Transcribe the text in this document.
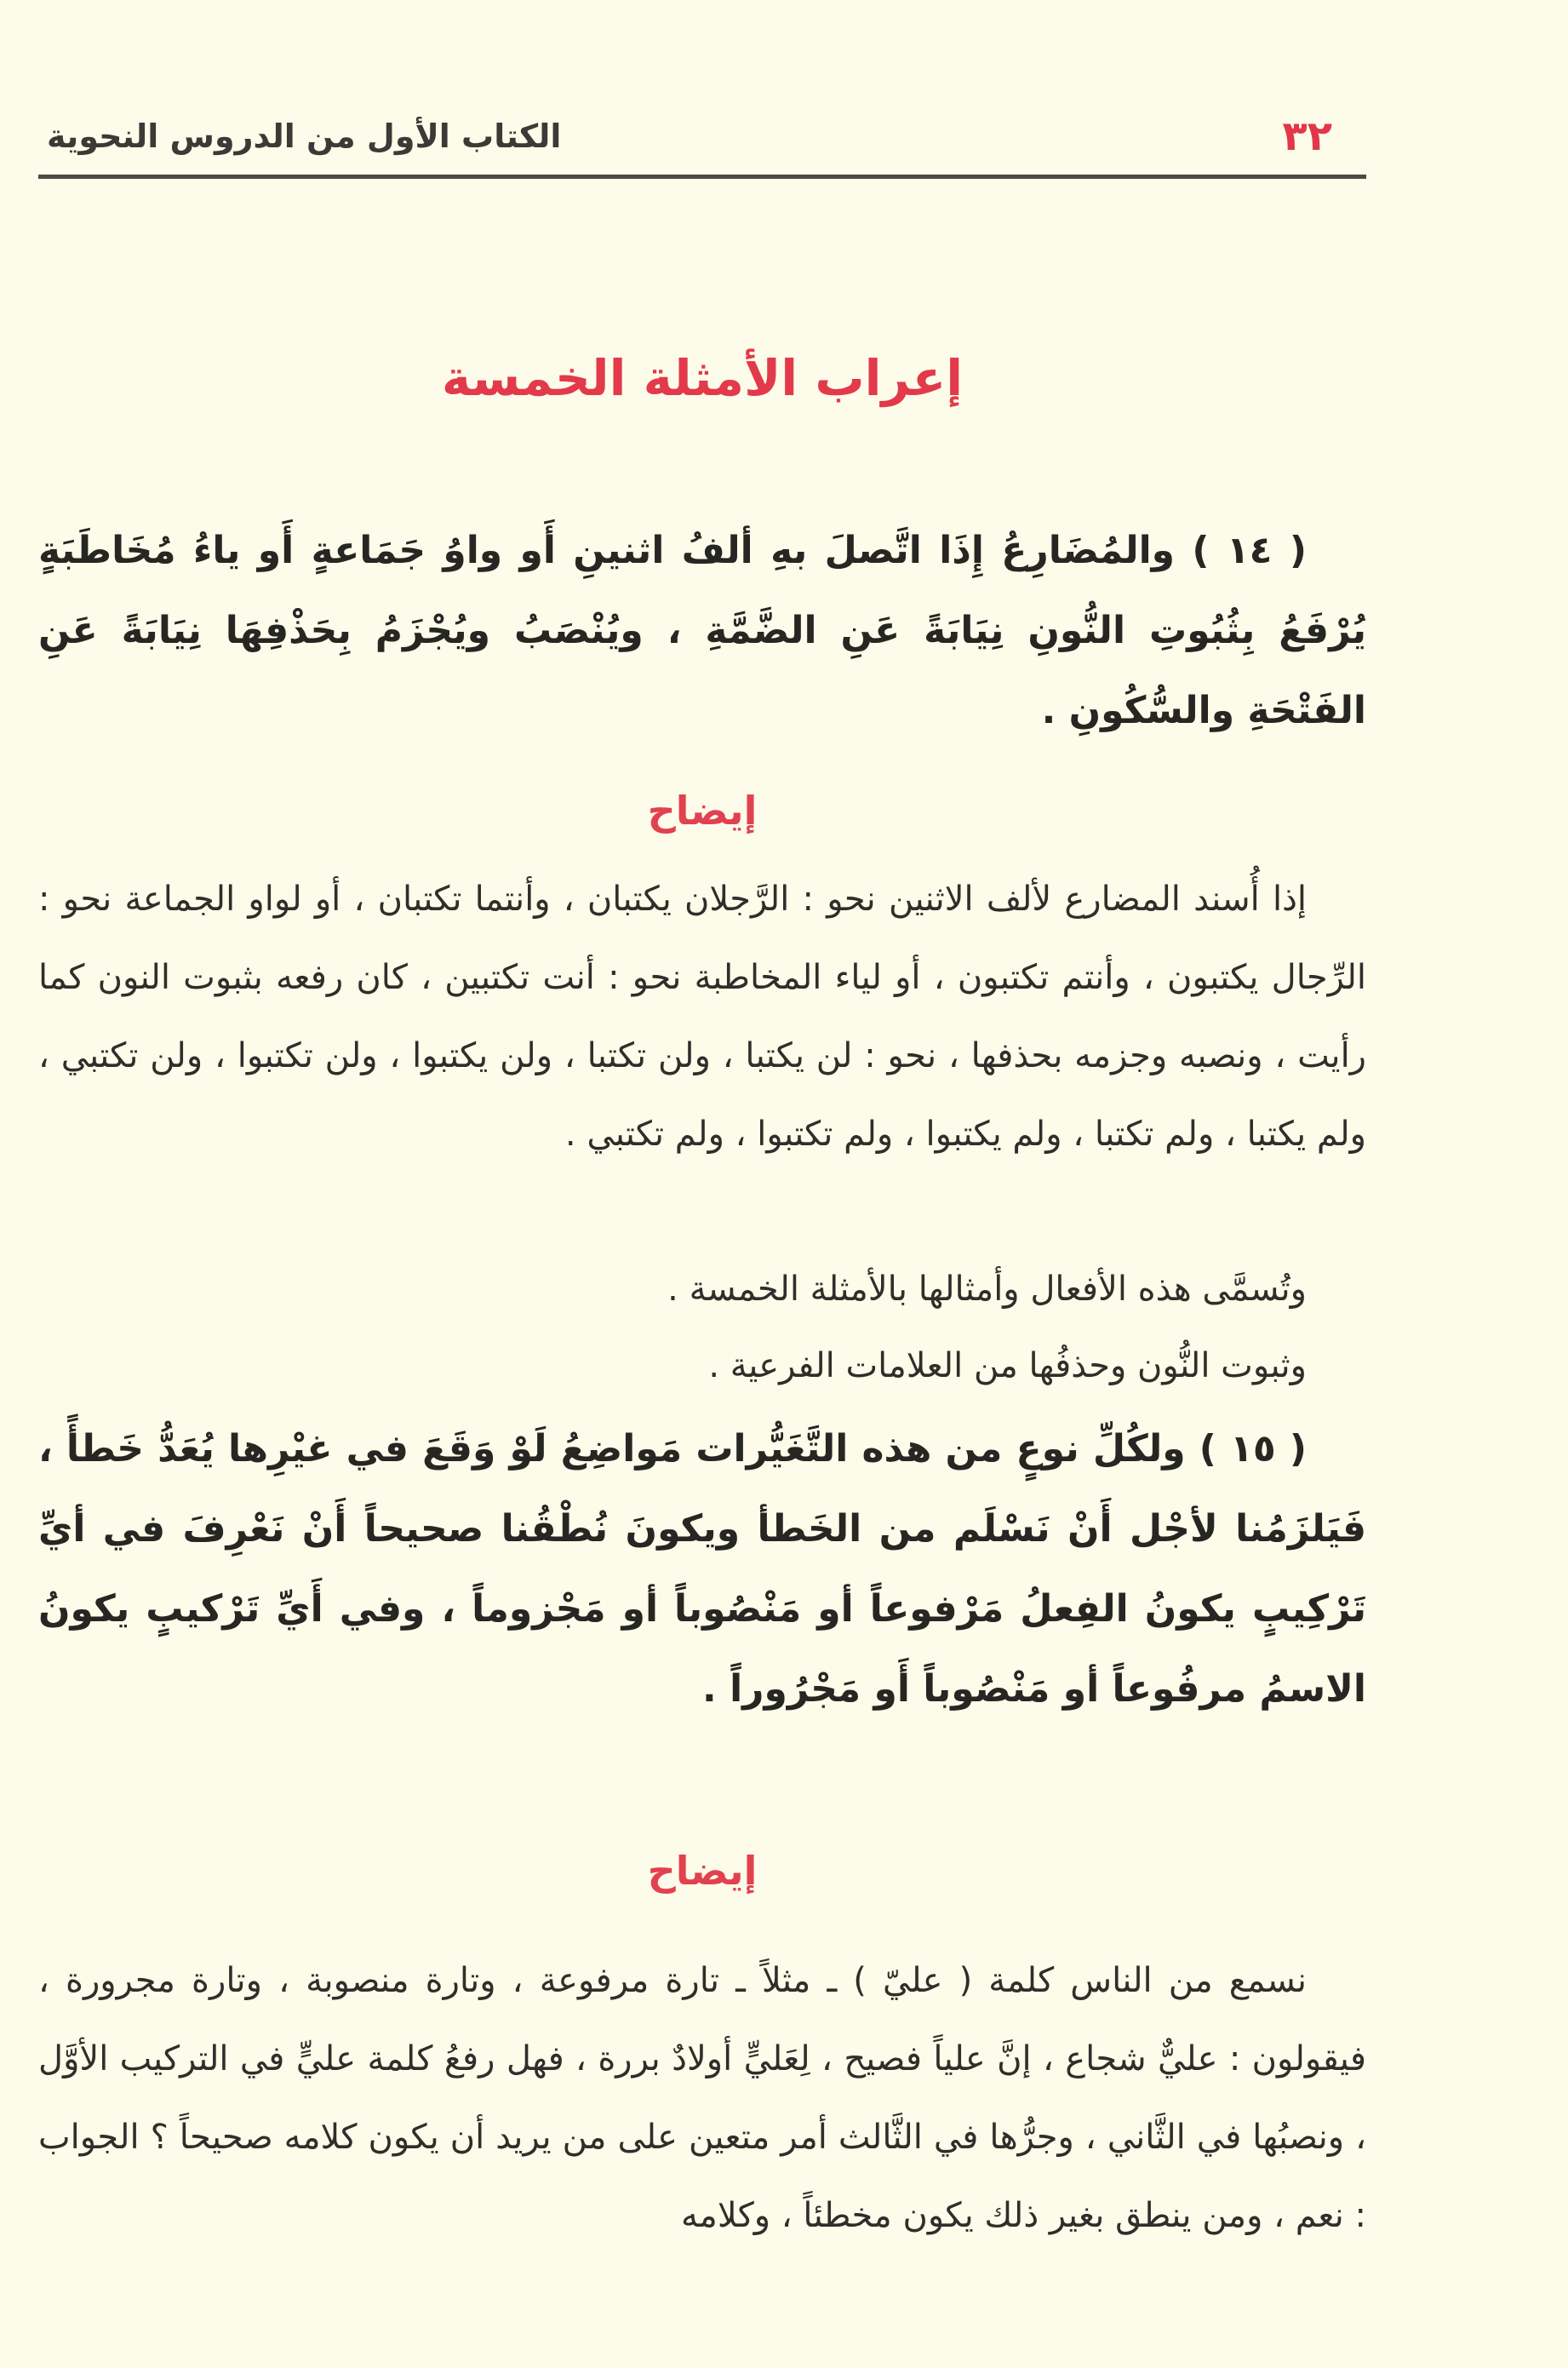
٣٢
الكتاب الأول من الدروس النحوية
إعراب الأمثلة الخمسة
( ١٤ ) والمُضَارِعُ إِذَا اتَّصلَ بهِ ألفُ اثنينِ أَو واوُ جَمَاعةٍ أَو ياءُ مُخَاطَبَةٍ يُرْفَعُ بِثُبُوتِ النُّونِ نِيَابَةً عَنِ الضَّمَّةِ ، ويُنْصَبُ ويُجْزَمُ بِحَذْفِهَا نِيَابَةً عَنِ الفَتْحَةِ والسُّكُونِ .
إيضاح
إذا أُسند المضارع لألف الاثنين نحو : الرَّجلان يكتبان ، وأنتما تكتبان ، أو لواو الجماعة نحو : الرِّجال يكتبون ، وأنتم تكتبون ، أو لياء المخاطبة نحو : أنت تكتبين ، كان رفعه بثبوت النون كما رأيت ، ونصبه وجزمه بحذفها ، نحو : لن يكتبا ، ولن تكتبا ، ولن يكتبوا ، ولن تكتبوا ، ولن تكتبي ، ولم يكتبا ، ولم تكتبا ، ولم يكتبوا ، ولم تكتبوا ، ولم تكتبي .
وتُسمَّى هذه الأفعال وأمثالها بالأمثلة الخمسة .
وثبوت النُّون وحذفُها من العلامات الفرعية .
( ١٥ ) ولكُلِّ نوعٍ من هذه التَّغَيُّرات مَواضِعُ لَوْ وَقَعَ في غيْرِها يُعَدُّ خَطأً ، فَيَلزَمُنا لأجْل أَنْ نَسْلَم من الخَطأ ويكونَ نُطْقُنا صحيحاً أَنْ نَعْرِفَ في أيِّ تَرْكِيبٍ يكونُ الفِعلُ مَرْفوعاً أو مَنْصُوباً أو مَجْزوماً ، وفي أَيِّ تَرْكيبٍ يكونُ الاسمُ مرفُوعاً أو مَنْصُوباً أَو مَجْرُوراً .
إيضاح
نسمع من الناس كلمة ( عليّ ) ـ مثلاً ـ تارة مرفوعة ، وتارة منصوبة ، وتارة مجرورة ، فيقولون : عليٌّ شجاع ، إنَّ علياً فصيح ، لِعَليٍّ أولادٌ بررة ، فهل رفعُ كلمة عليٍّ في التركيب الأوَّل ، ونصبُها في الثَّاني ، وجرُّها في الثَّالث أمر متعين على من يريد أن يكون كلامه صحيحاً ؟ الجواب : نعم ، ومن ينطق بغير ذلك يكون مخطئاً ، وكلامه
